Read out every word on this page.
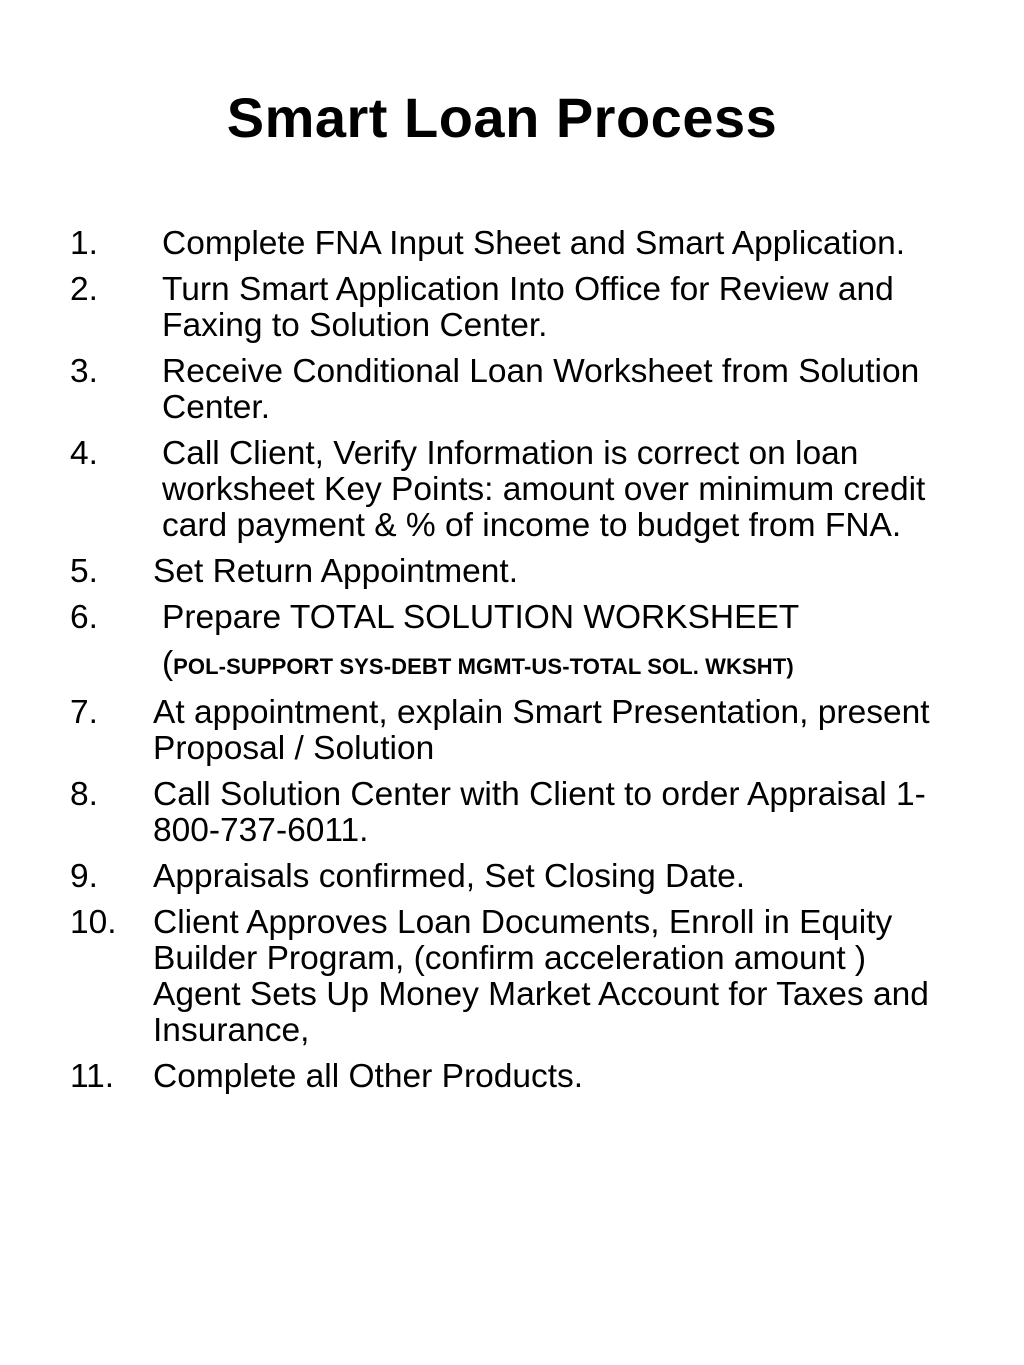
Smart Loan Process
1.	Complete FNA Input Sheet and Smart Application.
2.	Turn Smart Application Into Office for Review and Faxing to Solution Center.
3.	Receive Conditional Loan Worksheet from Solution Center.
4.	Call Client, Verify Information is correct on loan worksheet Key Points: amount over minimum credit card payment & % of income to budget from FNA.
5.	Set Return Appointment.
6.	Prepare TOTAL SOLUTION WORKSHEET
(POL-SUPPORT SYS-DEBT MGMT-US-TOTAL SOL. WKSHT)
7.	At appointment, explain Smart Presentation, present Proposal / Solution
8.	Call Solution Center with Client to order Appraisal 1-800-737-6011.
9.	Appraisals confirmed, Set Closing Date.
10.	Client Approves Loan Documents, Enroll in Equity Builder Program, (confirm acceleration amount ) Agent Sets Up Money Market Account for Taxes and Insurance,
11.	Complete all Other Products.
